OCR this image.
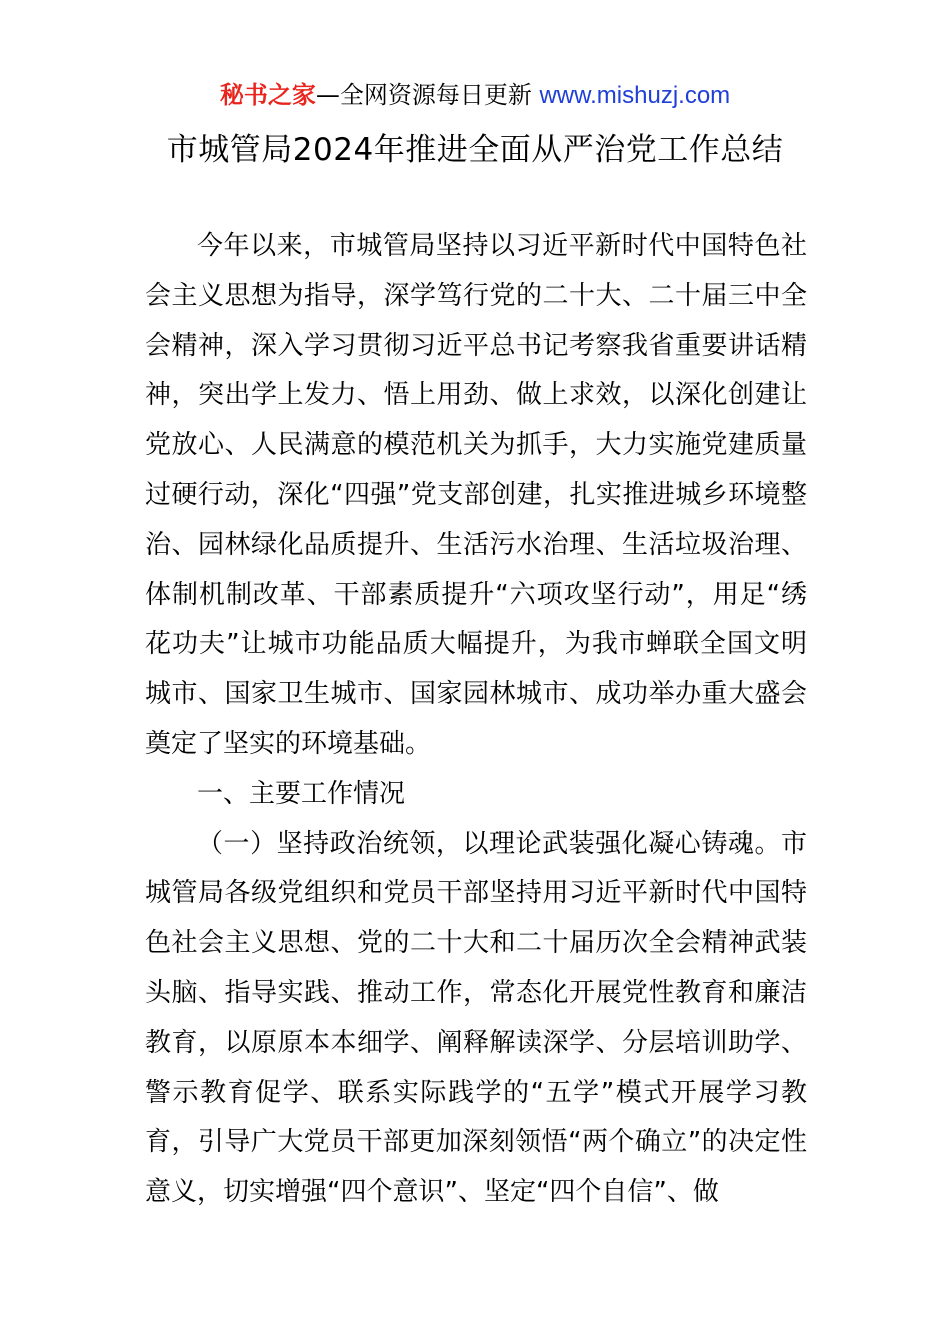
秘书之家—全网资源每日更新 www.mishuzj.com
市城管局2024年推进全面从严治党工作总结

今年以来，市城管局坚持以习近平新时代中国特色社会主义思想为指导，深学笃行党的二十大、二十届三中全会精神，深入学习贯彻习近平总书记考察我省重要讲话精神，突出学上发力、悟上用劲、做上求效，以深化创建让党放心、人民满意的模范机关为抓手，大力实施党建质量过硬行动，深化“四强”党支部创建，扎实推进城乡环境整治、园林绿化品质提升、生活污水治理、生活垃圾治理、体制机制改革、干部素质提升“六项攻坚行动”，用足“绣花功夫”让城市功能品质大幅提升，为我市蝉联全国文明城市、国家卫生城市、国家园林城市、成功举办重大盛会奠定了坚实的环境基础。

一、主要工作情况

（一）坚持政治统领，以理论武装强化凝心铸魂。市城管局各级党组织和党员干部坚持用习近平新时代中国特色社会主义思想、党的二十大和二十届历次全会精神武装头脑、指导实践、推动工作，常态化开展党性教育和廉洁教育，以原原本本细学、阐释解读深学、分层培训助学、警示教育促学、联系实际践学的“五学”模式开展学习教育，引导广大党员干部更加深刻领悟“两个确立”的决定性意义，切实增强“四个意识”、坚定“四个自信”、做
